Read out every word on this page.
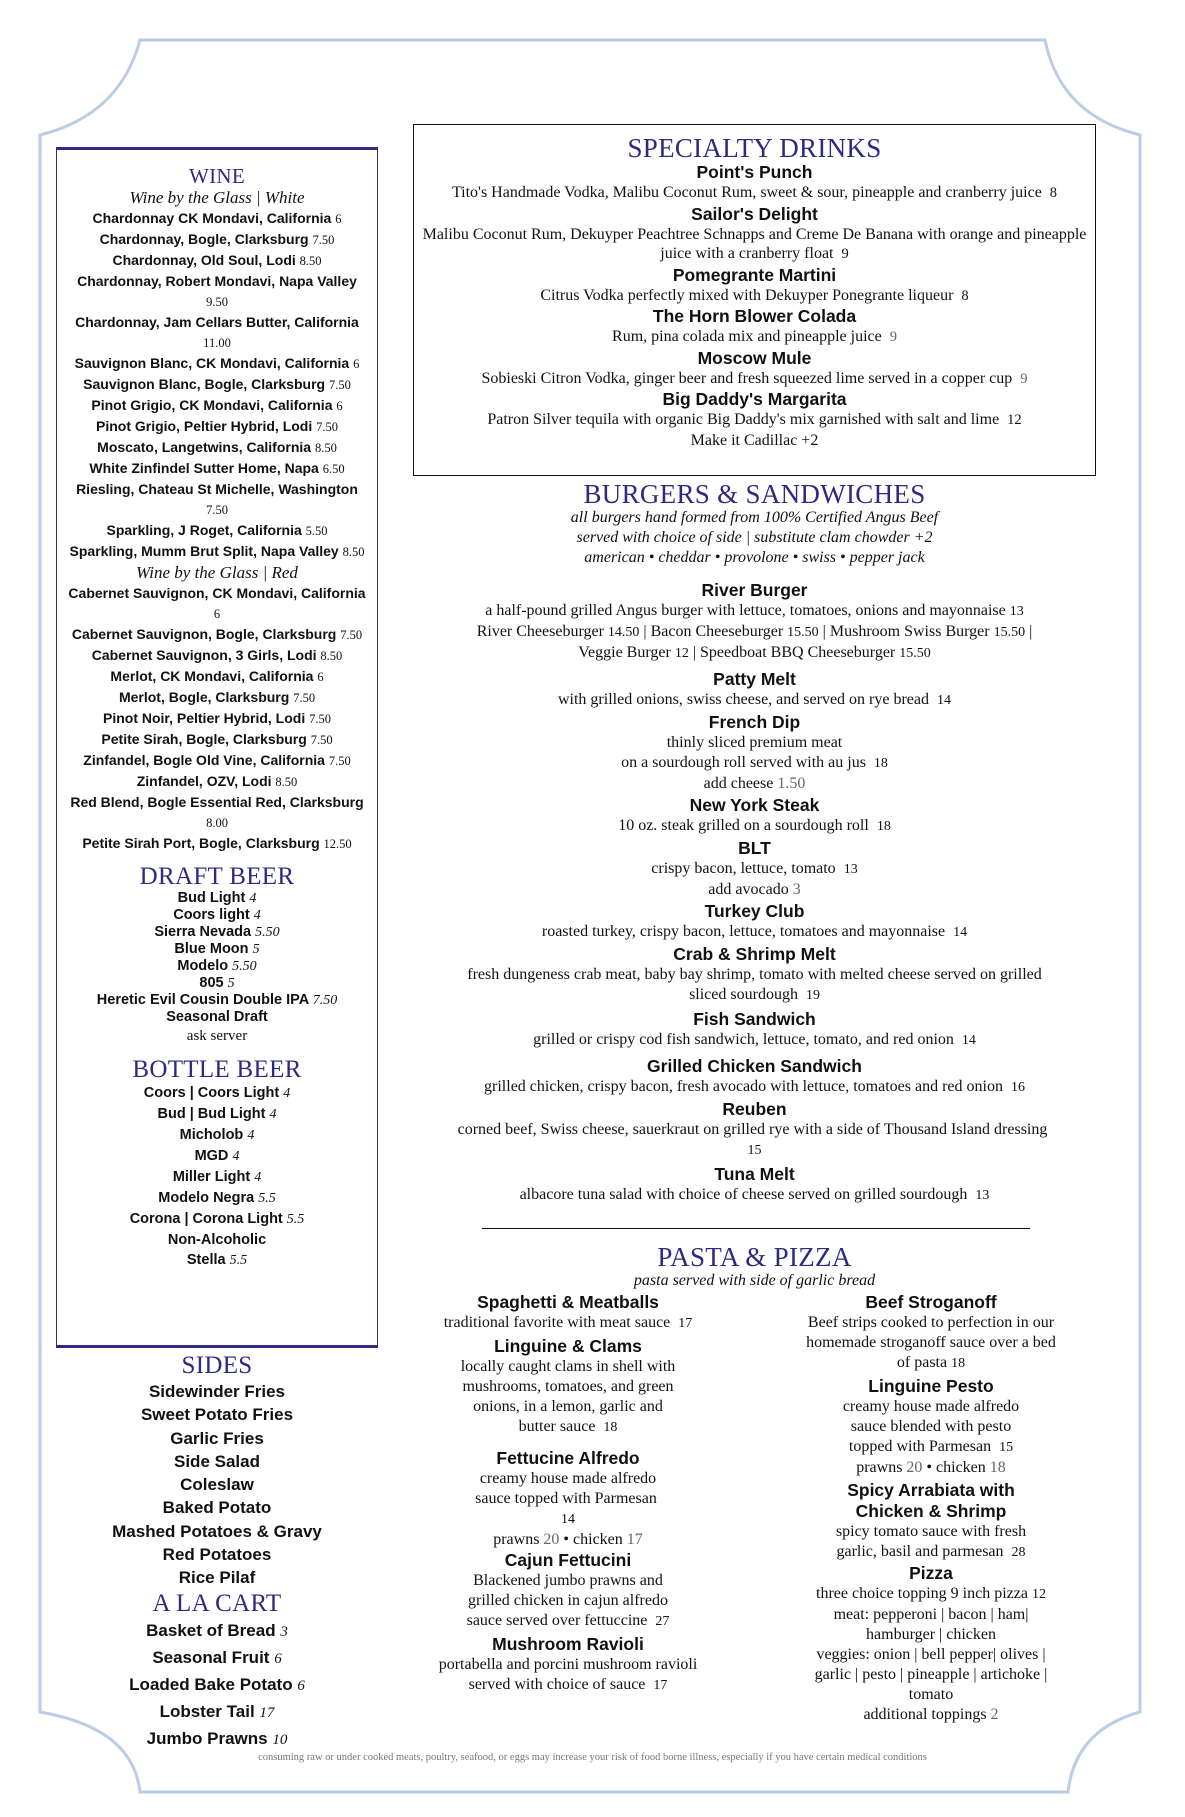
WINE
Wine by the Glass | White
Chardonnay CK Mondavi, California 6
Chardonnay, Bogle, Clarksburg 7.50
Chardonnay, Old Soul, Lodi 8.50
Chardonnay, Robert Mondavi, Napa Valley 9.50
Chardonnay, Jam Cellars Butter, California 11.00
Sauvignon Blanc, CK Mondavi, California 6
Sauvignon Blanc, Bogle, Clarksburg 7.50
Pinot Grigio, CK Mondavi, California 6
Pinot Grigio, Peltier Hybrid, Lodi 7.50
Moscato, Langetwins, California 8.50
White Zinfindel Sutter Home, Napa 6.50
Riesling, Chateau St Michelle, Washington 7.50
Sparkling, J Roget, California 5.50
Sparkling, Mumm Brut Split, Napa Valley 8.50
Wine by the Glass | Red
Cabernet Sauvignon, CK Mondavi, California 6
Cabernet Sauvignon, Bogle, Clarksburg 7.50
Cabernet Sauvignon, 3 Girls, Lodi 8.50
Merlot, CK Mondavi, California 6
Merlot, Bogle, Clarksburg 7.50
Pinot Noir, Peltier Hybrid, Lodi 7.50
Petite Sirah, Bogle, Clarksburg 7.50
Zinfandel, Bogle Old Vine, California 7.50
Zinfandel, OZV, Lodi 8.50
Red Blend, Bogle Essential Red, Clarksburg 8.00
Petite Sirah Port, Bogle, Clarksburg 12.50
DRAFT BEER
Bud Light 4
Coors light 4
Sierra Nevada 5.50
Blue Moon 5
Modelo 5.50
805 5
Heretic Evil Cousin Double IPA 7.50
Seasonal Draft
ask server
BOTTLE BEER
Coors | Coors Light 4
Bud | Bud Light 4
Micholob 4
MGD 4
Miller Light 4
Modelo Negra 5.5
Corona | Corona Light 5.5
Non-Alcoholic
Stella 5.5
SIDES
Sidewinder Fries
Sweet Potato Fries
Garlic Fries
Side Salad
Coleslaw
Baked Potato
Mashed Potatoes & Gravy
Red Potatoes
Rice Pilaf
A LA CART
Basket of Bread 3
Seasonal Fruit 6
Loaded Bake Potato 6
Lobster Tail 17
Jumbo Prawns 10
SPECIALTY DRINKS
Point's Punch
Tito's Handmade Vodka, Malibu Coconut Rum, sweet & sour, pineapple and cranberry juice 8
Sailor's Delight
Malibu Coconut Rum, Dekuyper Peachtree Schnapps and Creme De Banana with orange and pineapple juice with a cranberry float 9
Pomegrante Martini
Citrus Vodka perfectly mixed with Dekuyper Ponegrante liqueur 8
The Horn Blower Colada
Rum, pina colada mix and pineapple juice 9
Moscow Mule
Sobieski Citron Vodka, ginger beer and fresh squeezed lime served in a copper cup 9
Big Daddy's Margarita
Patron Silver tequila with organic Big Daddy's mix garnished with salt and lime 12
Make it Cadillac +2
BURGERS & SANDWICHES
all burgers hand formed from 100% Certified Angus Beef
served with choice of side | substitute clam chowder +2
american • cheddar • provolone • swiss • pepper jack
River Burger
a half-pound grilled Angus burger with lettuce, tomatoes, onions and mayonnaise 13
River Cheeseburger 14.50 | Bacon Cheeseburger 15.50 | Mushroom Swiss Burger 15.50 |
Veggie Burger 12 | Speedboat BBQ Cheeseburger 15.50
Patty Melt
with grilled onions, swiss cheese, and served on rye bread 14
French Dip
thinly sliced premium meat
on a sourdough roll served with au jus 18
add cheese 1.50
New York Steak
10 oz. steak grilled on a sourdough roll 18
BLT
crispy bacon, lettuce, tomato 13
add avocado 3
Turkey Club
roasted turkey, crispy bacon, lettuce, tomatoes and mayonnaise 14
Crab & Shrimp Melt
fresh dungeness crab meat, baby bay shrimp, tomato with melted cheese served on grilled sliced sourdough 19
Fish Sandwich
grilled or crispy cod fish sandwich, lettuce, tomato, and red onion 14
Grilled Chicken Sandwich
grilled chicken, crispy bacon, fresh avocado with lettuce, tomatoes and red onion 16
Reuben
corned beef, Swiss cheese, sauerkraut on grilled rye with a side of Thousand Island dressing  15
Tuna Melt
albacore tuna salad with choice of cheese served on grilled sourdough 13
PASTA & PIZZA
pasta served with side of garlic bread
Spaghetti & Meatballs
traditional favorite with meat sauce 17
Linguine & Clams
locally caught clams in shell with mushrooms, tomatoes, and green onions, in a lemon, garlic and butter sauce 18
Fettucine Alfredo
creamy house made alfredo sauce topped with Parmesan  14
prawns 20 • chicken 17
Cajun Fettucini
Blackened jumbo prawns and grilled chicken in cajun alfredo sauce served over fettuccine 27
Mushroom Ravioli
portabella and porcini mushroom ravioli served with choice of sauce 17
Beef Stroganoff
Beef strips cooked to perfection in our homemade stroganoff sauce over a bed of pasta 18
Linguine Pesto
creamy house made alfredo sauce blended with pesto topped with Parmesan 15
prawns 20 • chicken 18
Spicy Arrabiata with Chicken & Shrimp
spicy tomato sauce with fresh garlic, basil and parmesan 28
Pizza
three choice topping 9 inch pizza 12
meat: pepperoni | bacon | ham| hamburger | chicken
veggies: onion | bell pepper| olives | garlic | pesto | pineapple | artichoke | tomato
additional toppings 2
consuming raw or under cooked meats, poultry, seafood, or eggs may increase your risk of food borne illness, especially if you have certain medical conditions
